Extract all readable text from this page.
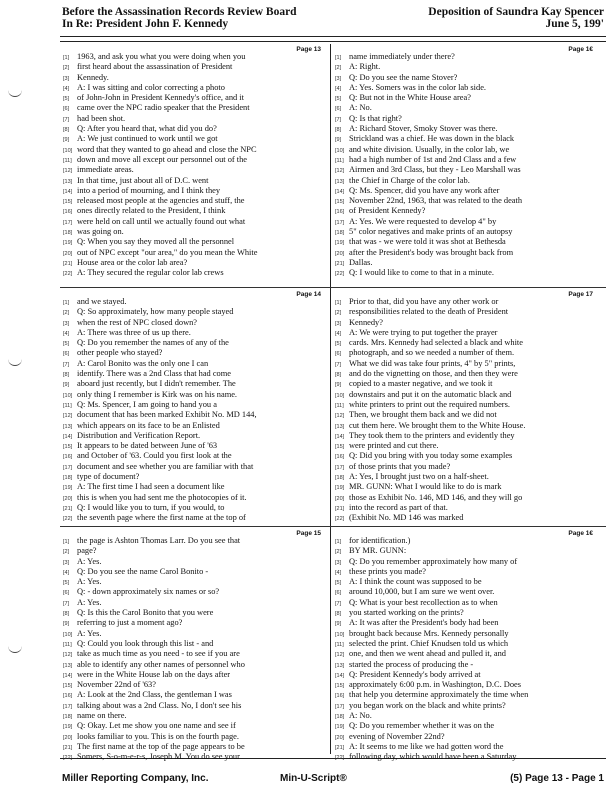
Before the Assassination Records Review Board
In Re: President John F. Kennedy
Deposition of Saundra Kay Spencer
June 5, 199'
Page 13
[1] 1963, and ask you what you were doing when you
[2] first heard about the assassination of President
[3] Kennedy.
[4] A: I was sitting and color correcting a photo
[5] of John-John in President Kennedy's office, and it
[6] came over the NPC radio speaker that the President
[7] had been shot.
[8] Q: After you heard that, what did you do?
[9] A: We just continued to work until we got
[10] word that they wanted to go ahead and close the NPC
[11] down and move all except our personnel out of the
[12] immediate areas.
[13] In that time, just about all of D.C. went
[14] into a period of mourning, and I think they
[15] released most people at the agencies and stuff, the
[16] ones directly related to the President, I think
[17] were held on call until we actually found out what
[18] was going on.
[19] Q: When you say they moved all the personnel
[20] out of NPC except "our area," do you mean the White
[21] House area or the color lab area?
[22] A: They secured the regular color lab crews
Page 1€
[1] name immediately under there?
[2] A: Right.
[3] Q: Do you see the name Stover?
[4] A: Yes. Somers was in the color lab side.
[5] Q: But not in the White House area?
[6] A: No.
[7] Q: Is that right?
[8] A: Richard Stover, Smoky Stover was there.
[9] Strickland was a chief. He was down in the black
[10] and white division. Usually, in the color lab, we
[11] had a high number of 1st and 2nd Class and a few
[12] Airmen and 3rd Class, but they - Leo Marshall was
[13] the Chief in Charge of the color lab.
[14] Q: Ms. Spencer, did you have any work after
[15] November 22nd, 1963, that was related to the death
[16] of President Kennedy?
[17] A: Yes. We were requested to develop 4" by
[18] 5" color negatives and make prints of an autopsy
[19] that was - we were told it was shot at Bethesda
[20] after the President's body was brought back from
[21] Dallas.
[22] Q: I would like to come to that in a minute.
Page 14
[1] and we stayed.
[2] Q: So approximately, how many people stayed
[3] when the rest of NPC closed down?
[4] A: There was three of us up there.
[5] Q: Do you remember the names of any of the
[6] other people who stayed?
[7] A: Carol Bonito was the only one I can
[8] identify. There was a 2nd Class that had come
[9] aboard just recently, but I didn't remember. The
[10] only thing I remember is Kirk was on his name.
[11] Q: Ms. Spencer, I am going to hand you a
[12] document that has been marked Exhibit No. MD 144,
[13] which appears on its face to be an Enlisted
[14] Distribution and Verification Report.
[15] It appears to be dated between June of '63
[16] and October of '63. Could you first look at the
[17] document and see whether you are familiar with that
[18] type of document?
[19] A: The first time I had seen a document like
[20] this is when you had sent me the photocopies of it.
[21] Q: I would like you to turn, if you would, to
[22] the seventh page where the first name at the top of
Page 17
[1] Prior to that, did you have any other work or
[2] responsibilities related to the death of President
[3] Kennedy?
[4] A: We were trying to put together the prayer
[5] cards. Mrs. Kennedy had selected a black and white
[6] photograph, and so we needed a number of them.
[7] What we did was take four prints, 4" by 5" prints,
[8] and do the vignetting on those, and then they were
[9] copied to a master negative, and we took it
[10] downstairs and put it on the automatic black and
[11] white printers to print out the required numbers.
[12] Then, we brought them back and we did not
[13] cut them here. We brought them to the White House.
[14] They took them to the printers and evidently they
[15] were printed and cut there.
[16] Q: Did you bring with you today some examples
[17] of those prints that you made?
[18] A: Yes, I brought just two on a half-sheet.
[19] MR. GUNN: What I would like to do is mark
[20] those as Exhibit No. 146, MD 146, and they will go
[21] into the record as part of that.
[22] (Exhibit No. MD 146 was marked
Page 15
[1] the page is Ashton Thomas Larr. Do you see that
[2] page?
[3] A: Yes.
[4] Q: Do you see the name Carol Bonito -
[5] A: Yes.
[6] Q: - down approximately six names or so?
[7] A: Yes.
[8] Q: Is this the Carol Bonito that you were
[9] referring to just a moment ago?
[10] A: Yes.
[11] Q: Could you look through this list - and
[12] take as much time as you need - to see if you are
[13] able to identify any other names of personnel who
[14] were in the White House lab on the days after
[15] November 22nd of '63?
[16] A: Look at the 2nd Class, the gentleman I was
[17] talking about was a 2nd Class. No, I don't see his
[18] name on there.
[19] Q: Okay. Let me show you one name and see if
[20] looks familiar to you. This is on the fourth page.
[21] The first name at the top of the page appears to be
[22] Somers, S-o-m-e-r-s, Joseph M. You do see your
Page 1€
[1] for identification.)
[2] BY MR. GUNN:
[3] Q: Do you remember approximately how many of
[4] these prints you made?
[5] A: I think the count was supposed to be
[6] around 10,000, but I am sure we went over.
[7] Q: What is your best recollection as to when
[8] you started working on the prints?
[9] A: It was after the President's body had been
[10] brought back because Mrs. Kennedy personally
[11] selected the print. Chief Knudsen told us which
[12] one, and then we went ahead and pulled it, and
[13] started the process of producing the -
[14] Q: President Kennedy's body arrived at
[15] approximately 6:00 p.m. in Washington, D.C. Does
[16] that help you determine approximately the time when
[17] you began work on the black and white prints?
[18] A: No.
[19] Q: Do you remember whether it was on the
[20] evening of November 22nd?
[21] A: It seems to me like we had gotten word the
[22] following day, which would have been a Saturday.
Miller Reporting Company, Inc.	Min-U-Script®	(5) Page 13 - Page 1
